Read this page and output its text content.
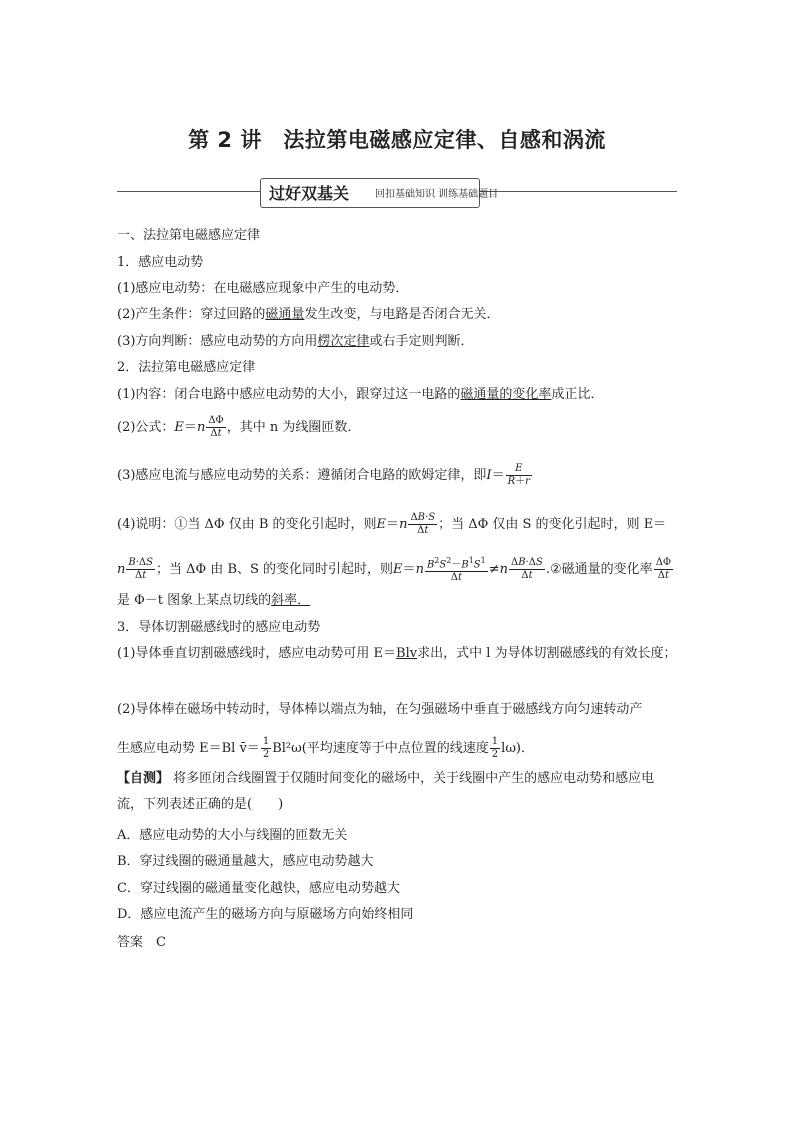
第 2 讲　法拉第电磁感应定律、自感和涡流
过好双基关	回扣基础知识 训练基础题目
一、法拉第电磁感应定律
1．感应电动势
(1)感应电动势：在电磁感应现象中产生的电动势．
(2)产生条件：穿过回路的磁通量发生改变，与电路是否闭合无关．
(3)方向判断：感应电动势的方向用楞次定律或右手定则判断．
2．法拉第电磁感应定律
(1)内容：闭合电路中感应电动势的大小，跟穿过这一电路的磁通量的变化率成正比．
(2)公式：$E=n \frac{\Delta\Phi}{\Delta t}$ ，其中 n 为线圈匝数．
(3)感应电流与感应电动势的关系：遵循闭合电路的欧姆定律，即$I= \frac{E}{R+r}$
(4)说明：①当 ΔΦ 仅由 B 的变化引起时，则$E=n \frac{\Delta B\cdot S}{\Delta t}$ ；当 ΔΦ 仅由 S 的变化引起时，则 E＝
n $\frac{B\cdot\Delta S}{\Delta t}$ ；当 ΔΦ 由 B、S 的变化同时引起时，则$E=n \frac{B^2S^2-B^1S^1}{\Delta t} \ne n \frac{\Delta B\cdot\Delta S}{\Delta t}$ .②磁通量的变化率 $\frac{\Delta\Phi}{\Delta t}$
是 Φ－t 图象上某点切线的斜率．
3．导体切割磁感线时的感应电动势
(1)导体垂直切割磁感线时，感应电动势可用 E＝Blv求出，式中 l 为导体切割磁感线的有效长度；
(2)导体棒在磁场中转动时，导体棒以端点为轴，在匀强磁场中垂直于磁感线方向匀速转动产
生感应电动势 E＝Bl v̄＝ $\frac{1}{2} Bl^2\omega$(平均速度等于中点位置的线速度 $\frac{1}{2} l\omega$)．
【自测】 将多匝闭合线圈置于仅随时间变化的磁场中，关于线圈中产生的感应电动势和感应电流，下列表述正确的是(　　)
A．感应电动势的大小与线圈的匝数无关
B．穿过线圈的磁通量越大，感应电动势越大
C．穿过线圈的磁通量变化越快，感应电动势越大
D．感应电流产生的磁场方向与原磁场方向始终相同
答案　C
